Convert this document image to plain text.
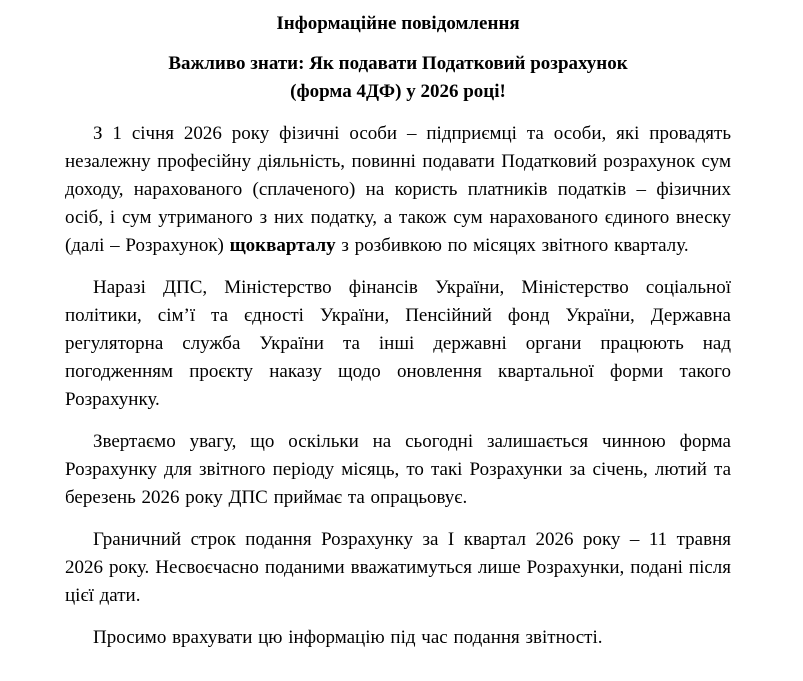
Інформаційне повідомлення
Важливо знати: Як подавати Податковий розрахунок
(форма 4ДФ) у 2026 році!

З 1 січня 2026 року фізичні особи – підприємці та особи, які провадять незалежну професійну діяльність, повинні подавати Податковий розрахунок сум доходу, нарахованого (сплаченого) на користь платників податків – фізичних осіб, і сум утриманого з них податку, а також сум нарахованого єдиного внеску (далі – Розрахунок) щокварталу з розбивкою по місяцях звітного кварталу.

Наразі ДПС, Міністерство фінансів України, Міністерство соціальної політики, сім’ї та єдності України, Пенсійний фонд України, Державна регуляторна служба України та інші державні органи працюють над погодженням проєкту наказу щодо оновлення квартальної форми такого Розрахунку.

Звертаємо увагу, що оскільки на сьогодні залишається чинною форма Розрахунку для звітного періоду місяць, то такі Розрахунки за січень, лютий та березень 2026 року ДПС приймає та опрацьовує.

Граничний строк подання Розрахунку за І квартал 2026 року – 11 травня 2026 року. Несвоєчасно поданими вважатимуться лише Розрахунки, подані після цієї дати.

Просимо врахувати цю інформацію під час подання звітності.
